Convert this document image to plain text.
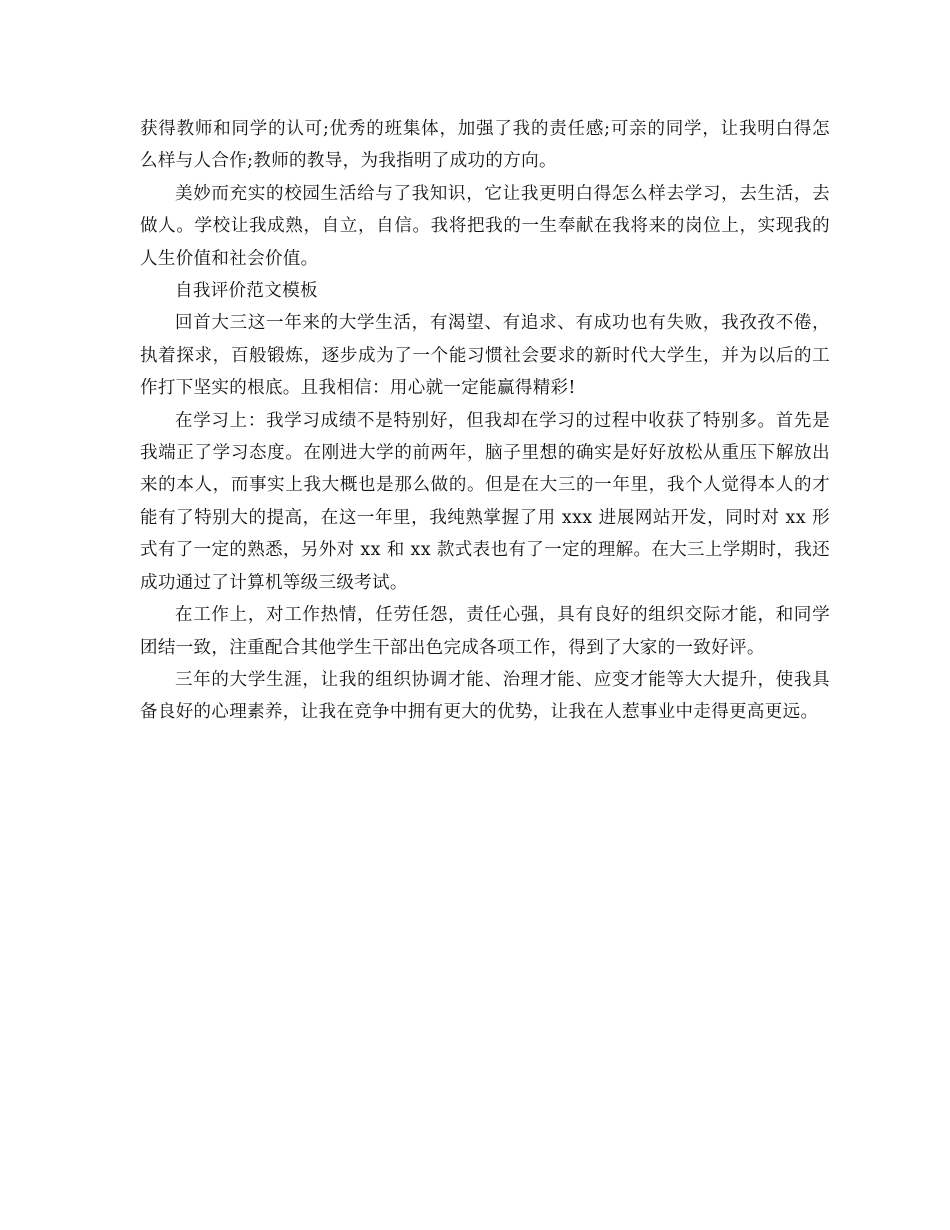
获得教师和同学的认可;优秀的班集体，加强了我的责任感;可亲的同学，让我明白得怎么样与人合作;教师的教导，为我指明了成功的方向。

美妙而充实的校园生活给与了我知识，它让我更明白得怎么样去学习，去生活，去做人。学校让我成熟，自立，自信。我将把我的一生奉献在我将来的岗位上，实现我的人生价值和社会价值。

自我评价范文模板

回首大三这一年来的大学生活，有渴望、有追求、有成功也有失败，我孜孜不倦，执着探求，百般锻炼，逐步成为了一个能习惯社会要求的新时代大学生，并为以后的工作打下坚实的根底。且我相信：用心就一定能赢得精彩!

在学习上：我学习成绩不是特别好，但我却在学习的过程中收获了特别多。首先是我端正了学习态度。在刚进大学的前两年，脑子里想的确实是好好放松从重压下解放出来的本人，而事实上我大概也是那么做的。但是在大三的一年里，我个人觉得本人的才能有了特别大的提高，在这一年里，我纯熟掌握了用 xxx 进展网站开发，同时对 xx 形式有了一定的熟悉，另外对 xx 和 xx 款式表也有了一定的理解。在大三上学期时，我还成功通过了计算机等级三级考试。

在工作上，对工作热情，任劳任怨，责任心强，具有良好的组织交际才能，和同学团结一致，注重配合其他学生干部出色完成各项工作，得到了大家的一致好评。

三年的大学生涯，让我的组织协调才能、治理才能、应变才能等大大提升，使我具备良好的心理素养，让我在竞争中拥有更大的优势，让我在人惹事业中走得更高更远。
